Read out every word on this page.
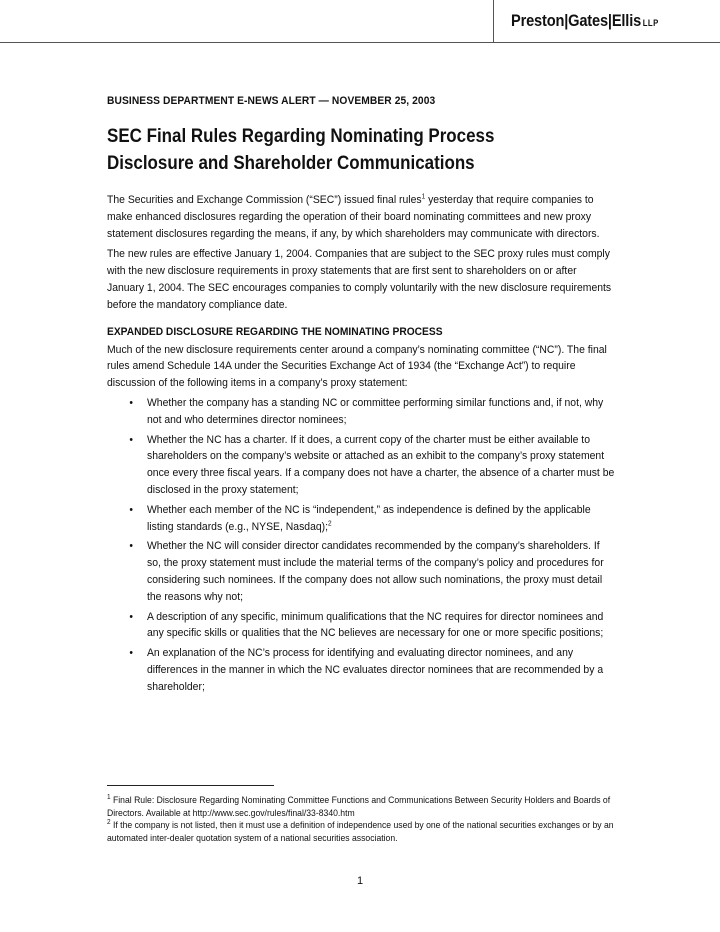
Preston|Gates|Ellis LLP
BUSINESS DEPARTMENT E-NEWS ALERT — NOVEMBER 25, 2003
SEC Final Rules Regarding Nominating Process
Disclosure and Shareholder Communications

The Securities and Exchange Commission (“SEC”) issued final rules$^1$ yesterday that require companies to make enhanced disclosures regarding the operation of their board nominating committees and new proxy statement disclosures regarding the means, if any, by which shareholders may communicate with directors.

The new rules are effective January 1, 2004. Companies that are subject to the SEC proxy rules must comply with the new disclosure requirements in proxy statements that are first sent to shareholders on or after January 1, 2004. The SEC encourages companies to comply voluntarily with the new disclosure requirements before the mandatory compliance date.

EXPANDED DISCLOSURE REGARDING THE NOMINATING PROCESS

Much of the new disclosure requirements center around a company’s nominating committee (“NC”). The final rules amend Schedule 14A under the Securities Exchange Act of 1934 (the “Exchange Act”) to require discussion of the following items in a company’s proxy statement:

• Whether the company has a standing NC or committee performing similar functions and, if not, why not and who determines director nominees;
• Whether the NC has a charter. If it does, a current copy of the charter must be either available to shareholders on the company’s website or attached as an exhibit to the company’s proxy statement once every three fiscal years. If a company does not have a charter, the absence of a charter must be disclosed in the proxy statement;
• Whether each member of the NC is “independent,” as independence is defined by the applicable listing standards (e.g., NYSE, Nasdaq);$^2$
• Whether the NC will consider director candidates recommended by the company’s shareholders. If so, the proxy statement must include the material terms of the company’s policy and procedures for considering such nominees. If the company does not allow such nominations, the proxy must detail the reasons why not;
• A description of any specific, minimum qualifications that the NC requires for director nominees and any specific skills or qualities that the NC believes are necessary for one or more specific positions;
• An explanation of the NC’s process for identifying and evaluating director nominees, and any differences in the manner in which the NC evaluates director nominees that are recommended by a shareholder;
$^1$ Final Rule: Disclosure Regarding Nominating Committee Functions and Communications Between Security Holders and Boards of Directors. Available at http://www.sec.gov/rules/final/33-8340.htm
$^2$ If the company is not listed, then it must use a definition of independence used by one of the national securities exchanges or by an automated inter-dealer quotation system of a national securities association.
1
